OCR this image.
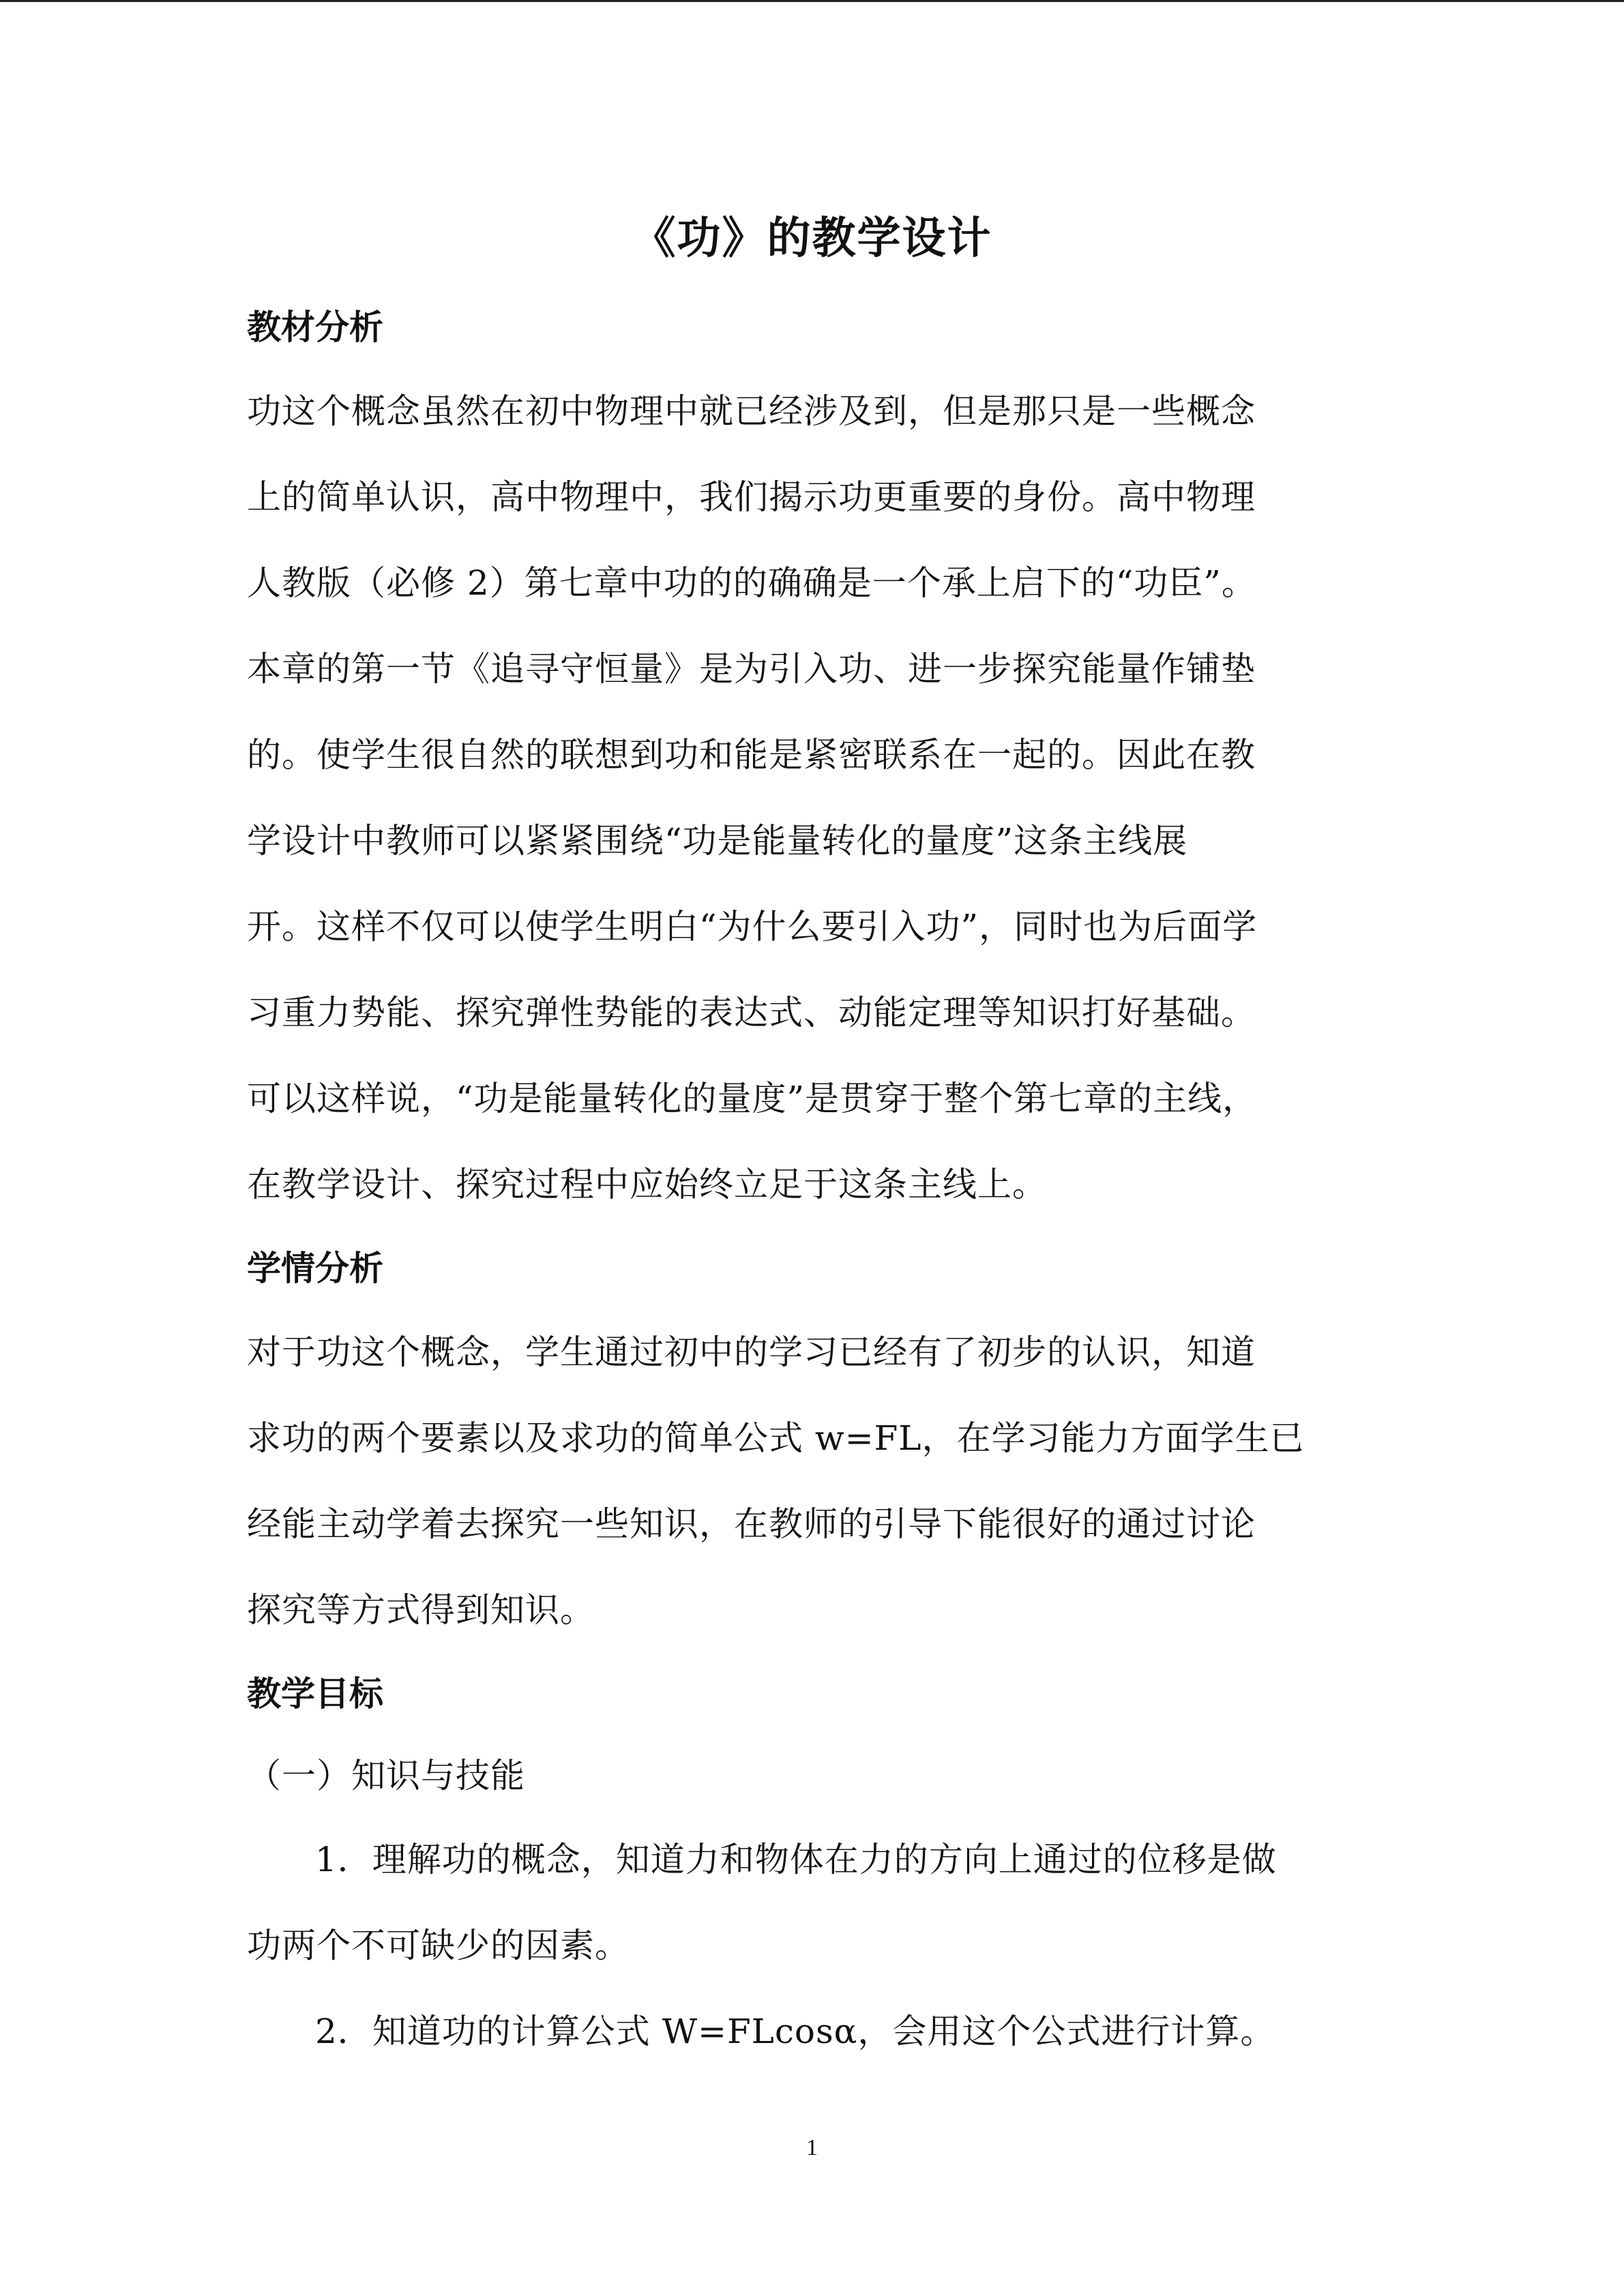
《功》的教学设计
教材分析
功这个概念虽然在初中物理中就已经涉及到，但是那只是一些概念
上的简单认识，高中物理中，我们揭示功更重要的身份。高中物理
人教版（必修 2）第七章中功的的确确是一个承上启下的“功臣”。
本章的第一节《追寻守恒量》是为引入功、进一步探究能量作铺垫
的。使学生很自然的联想到功和能是紧密联系在一起的。因此在教
学设计中教师可以紧紧围绕“功是能量转化的量度”这条主线展
开。这样不仅可以使学生明白“为什么要引入功”，同时也为后面学
习重力势能、探究弹性势能的表达式、动能定理等知识打好基础。
可以这样说，“功是能量转化的量度”是贯穿于整个第七章的主线，
在教学设计、探究过程中应始终立足于这条主线上。
学情分析
对于功这个概念，学生通过初中的学习已经有了初步的认识，知道
求功的两个要素以及求功的简单公式 w=FL，在学习能力方面学生已
经能主动学着去探究一些知识，在教师的引导下能很好的通过讨论
探究等方式得到知识。
教学目标
（一）知识与技能
1．理解功的概念，知道力和物体在力的方向上通过的位移是做
功两个不可缺少的因素。
2．知道功的计算公式 W=FLcosα，会用这个公式进行计算。
1
